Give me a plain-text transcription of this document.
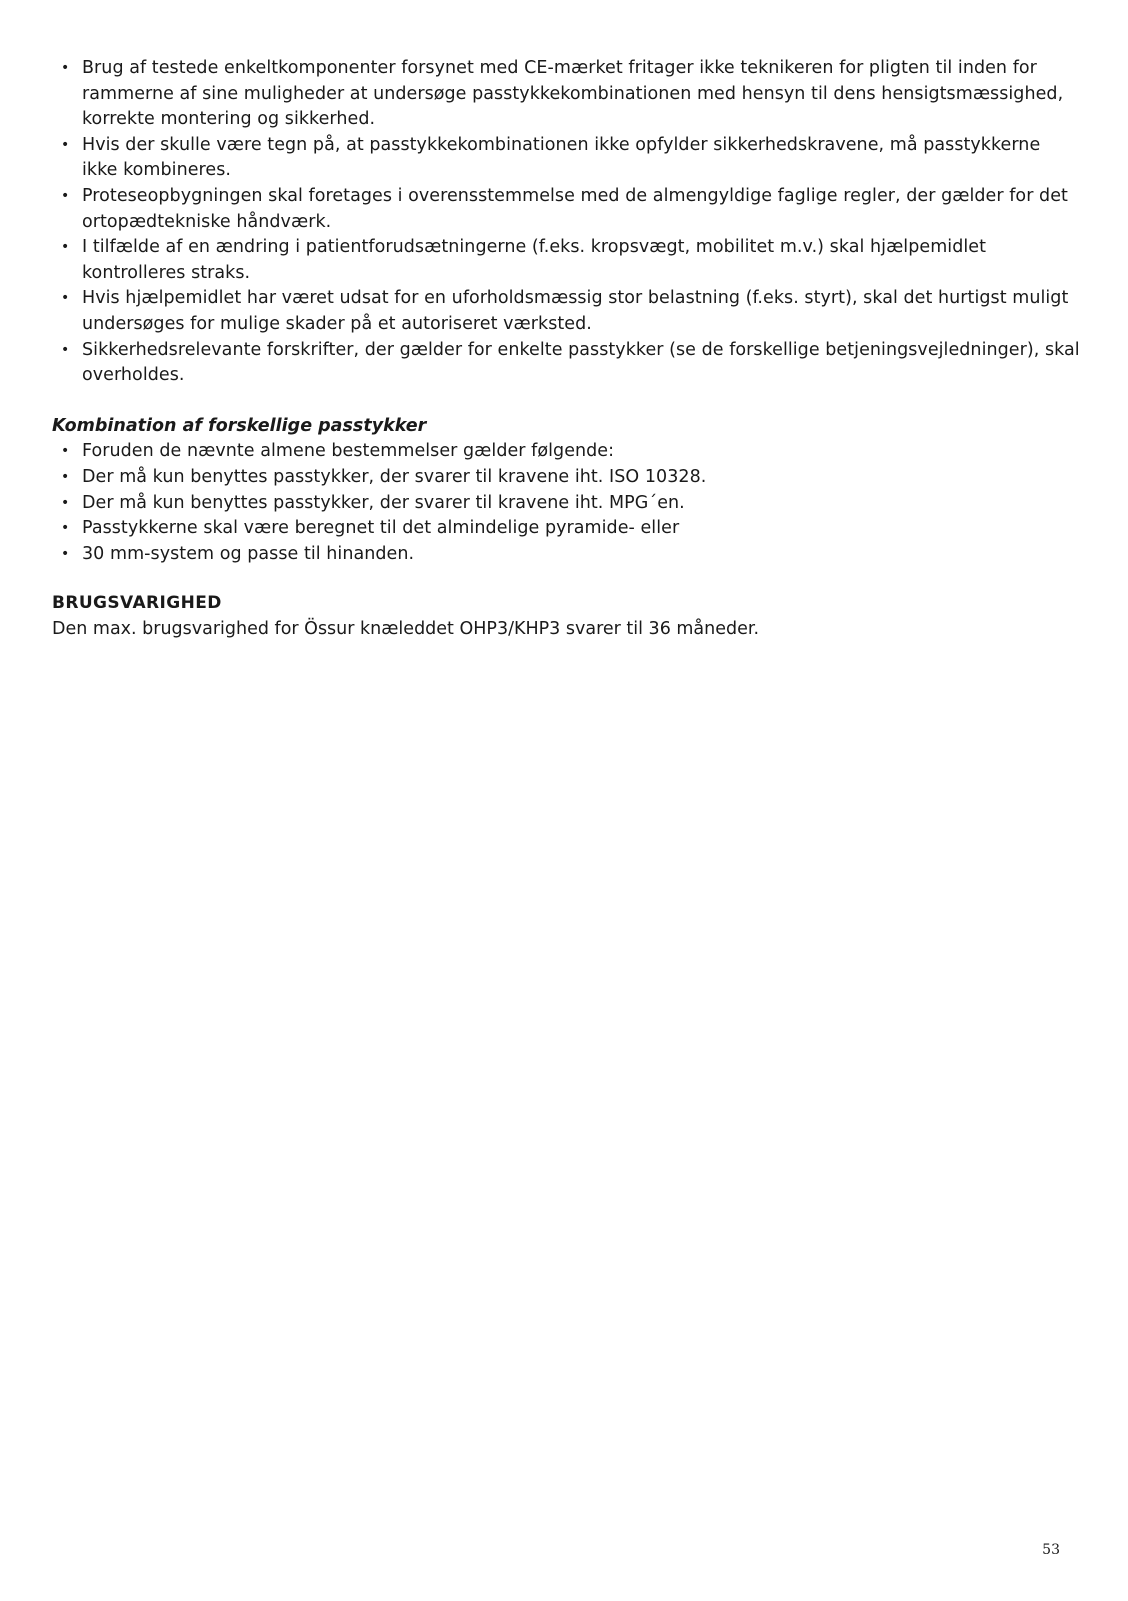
• Brug af testede enkeltkomponenter forsynet med CE-mærket fritager ikke teknikeren for pligten til inden for rammerne af sine muligheder at undersøge passtykkekombinationen med hensyn til dens hensigtsmæssighed, korrekte montering og sikkerhed.
• Hvis der skulle være tegn på, at passtykkekombinationen ikke opfylder sikkerhedskravene, må passtykkerne ikke kombineres.
• Proteseopbygningen skal foretages i overensstemmelse med de almengyldige faglige regler, der gælder for det ortopædtekniske håndværk.
• I tilfælde af en ændring i patientforudsætningerne (f.eks. kropsvægt, mobilitet m.v.) skal hjælpemidlet kontrolleres straks.
• Hvis hjælpemidlet har været udsat for en uforholdsmæssig stor belastning (f.eks. styrt), skal det hurtigst muligt undersøges for mulige skader på et autoriseret værksted.
• Sikkerhedsrelevante forskrifter, der gælder for enkelte passtykker (se de forskellige betjeningsvejledninger), skal overholdes.
Kombination af forskellige passtykker
• Foruden de nævnte almene bestemmelser gælder følgende:
• Der må kun benyttes passtykker, der svarer til kravene iht. ISO 10328.
• Der må kun benyttes passtykker, der svarer til kravene iht. MPG´en.
• Passtykkerne skal være beregnet til det almindelige pyramide- eller
• 30 mm-system og passe til hinanden.
BRUGSVARIGHED
Den max. brugsvarighed for Össur knæleddet OHP3/KHP3 svarer til 36 måneder.
53
